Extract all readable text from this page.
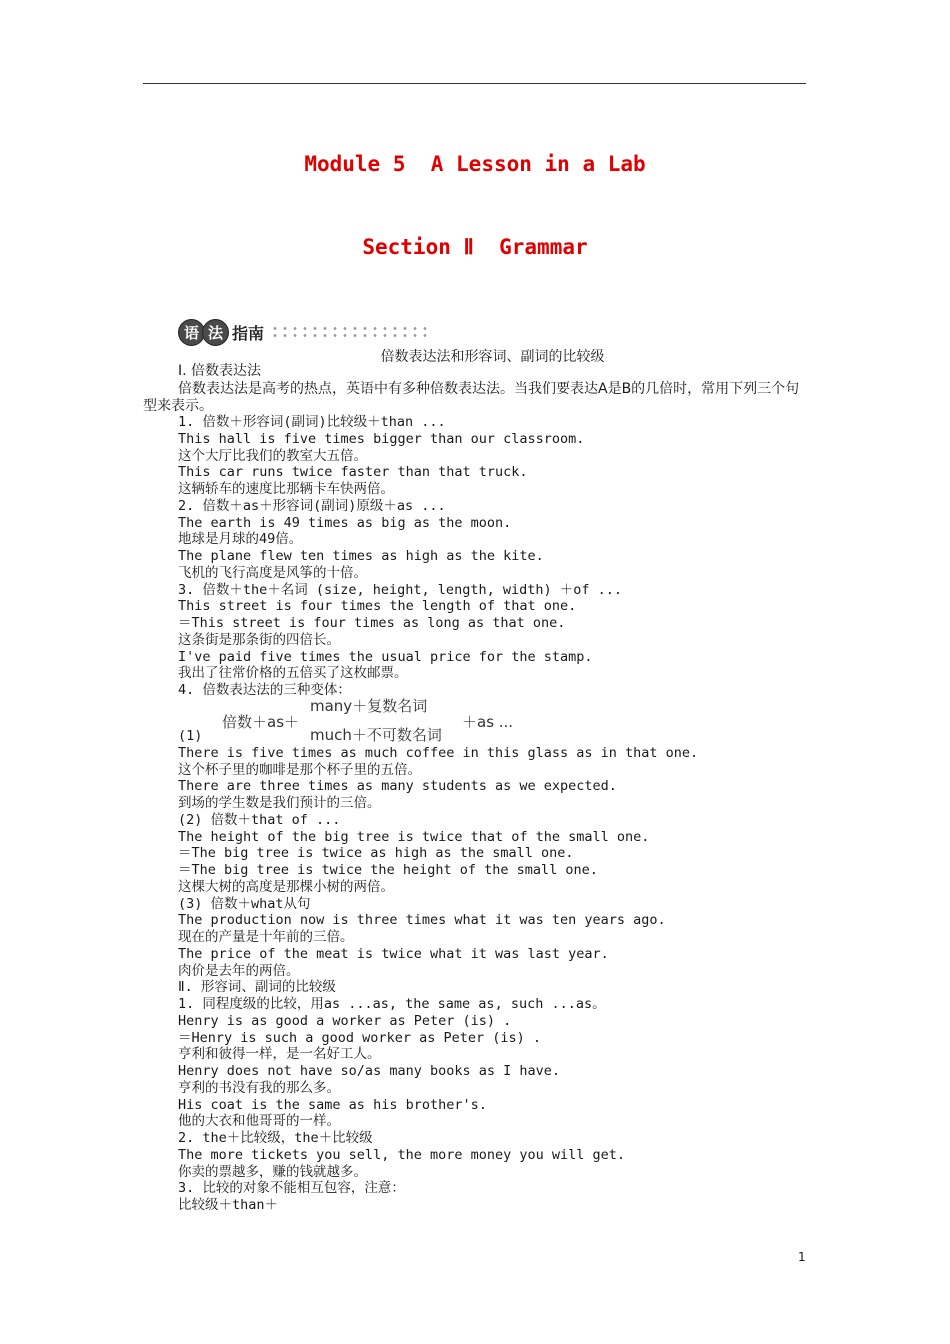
Module 5  A Lesson in a Lab
Section Ⅱ  Grammar
语 法 指南
倍数表达法和形容词、副词的比较级
Ⅰ. 倍数表达法
倍数表达法是高考的热点，英语中有多种倍数表达法。当我们要表达A是B的几倍时，常用下列三个句型来表示。
1. 倍数＋形容词(副词)比较级＋than ...
This hall is five times bigger than our classroom.
这个大厅比我们的教室大五倍。
This car runs twice faster than that truck.
这辆轿车的速度比那辆卡车快两倍。
2. 倍数＋as＋形容词(副词)原级＋as ...
The earth is 49 times as big as the moon.
地球是月球的49倍。
The plane flew ten times as high as the kite.
飞机的飞行高度是风筝的十倍。
3. 倍数＋the＋名词 (size, height, length, width) ＋of ...
This street is four times the length of that one.
＝This street is four times as long as that one.
这条街是那条街的四倍长。
I've paid five times the usual price for the stamp.
我出了往常价格的五倍买了这枚邮票。
4. 倍数表达法的三种变体：
倍数＋as＋
many＋复数名词
much＋不可数名词
＋as ...
(1)
There is five times as much coffee in this glass as in that one.
这个杯子里的咖啡是那个杯子里的五倍。
There are three times as many students as we expected.
到场的学生数是我们预计的三倍。
(2) 倍数＋that of ...
The height of the big tree is twice that of the small one.
＝The big tree is twice as high as the small one.
＝The big tree is twice the height of the small one.
这棵大树的高度是那棵小树的两倍。
(3) 倍数＋what从句
The production now is three times what it was ten years ago.
现在的产量是十年前的三倍。
The price of the meat is twice what it was last year.
肉价是去年的两倍。
Ⅱ. 形容词、副词的比较级
1. 同程度级的比较，用as ...as, the same as, such ...as。
Henry is as good a worker as Peter (is) .
＝Henry is such a good worker as Peter (is) .
亨利和彼得一样，是一名好工人。
Henry does not have so/as many books as I have.
亨利的书没有我的那么多。
His coat is the same as his brother's.
他的大衣和他哥哥的一样。
2. the＋比较级，the＋比较级
The more tickets you sell, the more money you will get.
你卖的票越多，赚的钱就越多。
3. 比较的对象不能相互包容，注意：
比较级＋than＋
1
